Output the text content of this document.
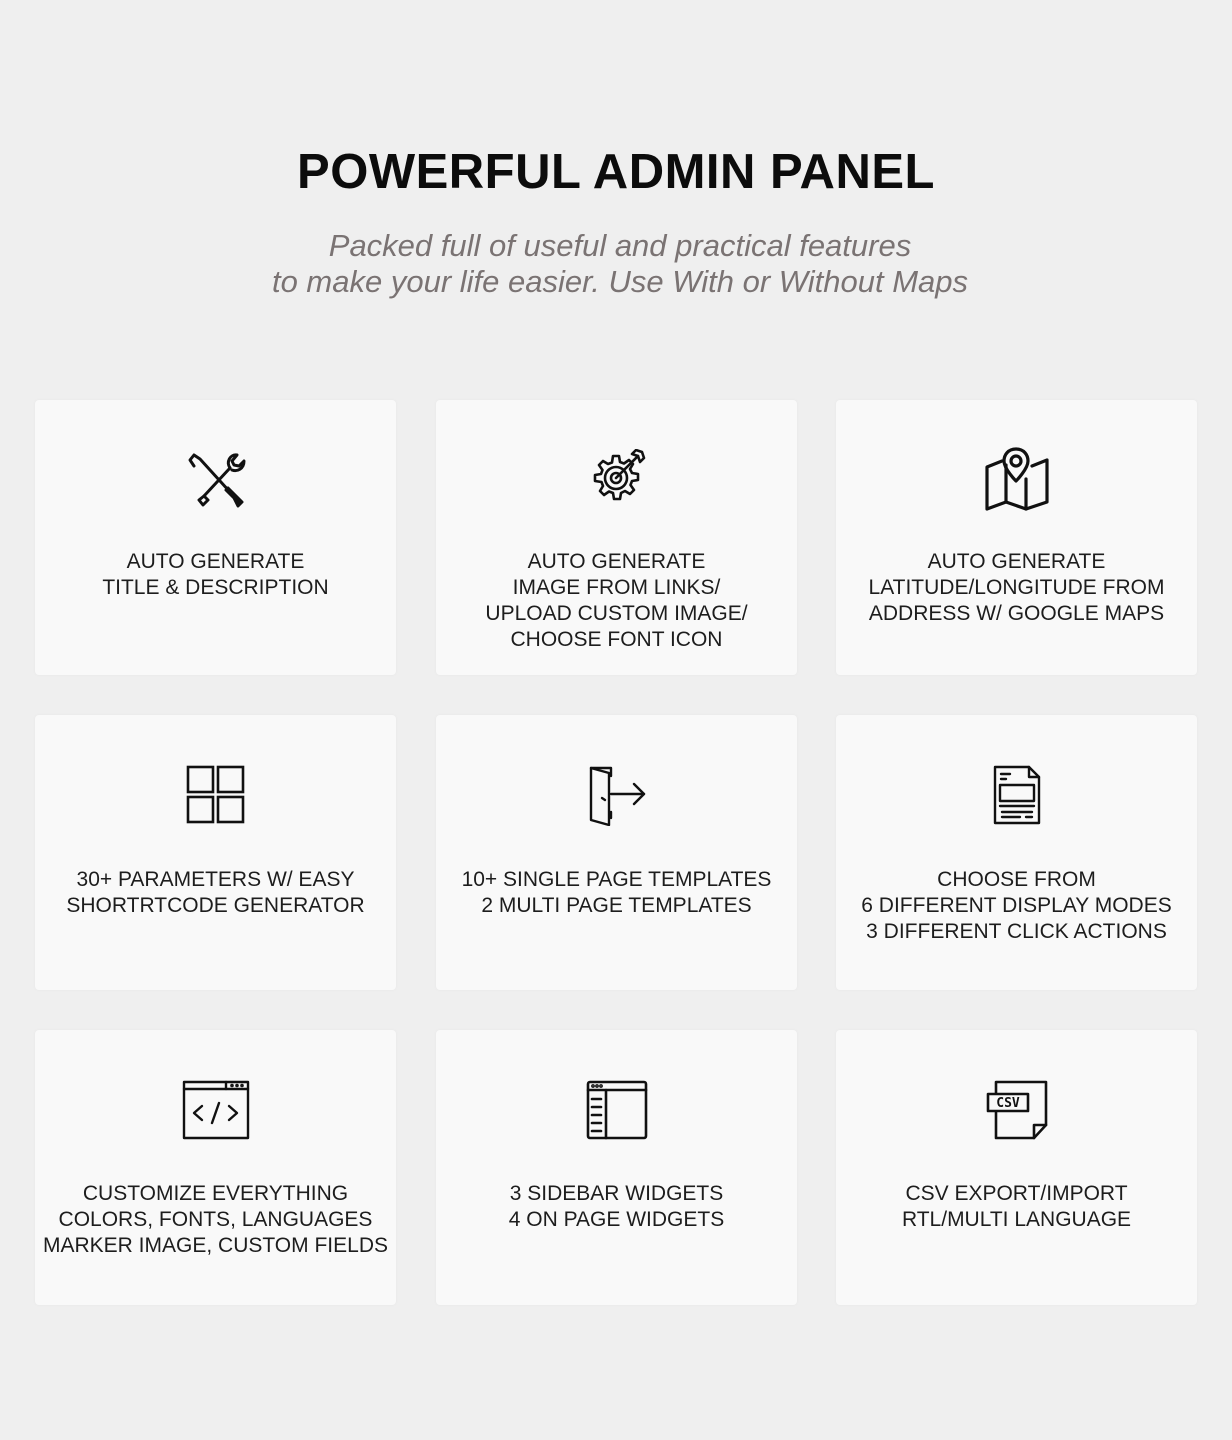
POWERFUL ADMIN PANEL
Packed full of useful and practical features
to make your life easier. Use With or Without Maps
AUTO GENERATE
TITLE & DESCRIPTION
AUTO GENERATE
IMAGE FROM LINKS/
UPLOAD CUSTOM IMAGE/
CHOOSE FONT ICON
AUTO GENERATE
LATITUDE/LONGITUDE FROM
ADDRESS W/ GOOGLE MAPS
30+ PARAMETERS W/ EASY
SHORTRTCODE GENERATOR
10+ SINGLE PAGE TEMPLATES
2 MULTI PAGE TEMPLATES
CHOOSE FROM
6 DIFFERENT DISPLAY MODES
3 DIFFERENT CLICK ACTIONS
CUSTOMIZE EVERYTHING
COLORS, FONTS, LANGUAGES
MARKER IMAGE, CUSTOM FIELDS
3 SIDEBAR WIDGETS
4 ON PAGE WIDGETS
CSV
CSV EXPORT/IMPORT
RTL/MULTI LANGUAGE
